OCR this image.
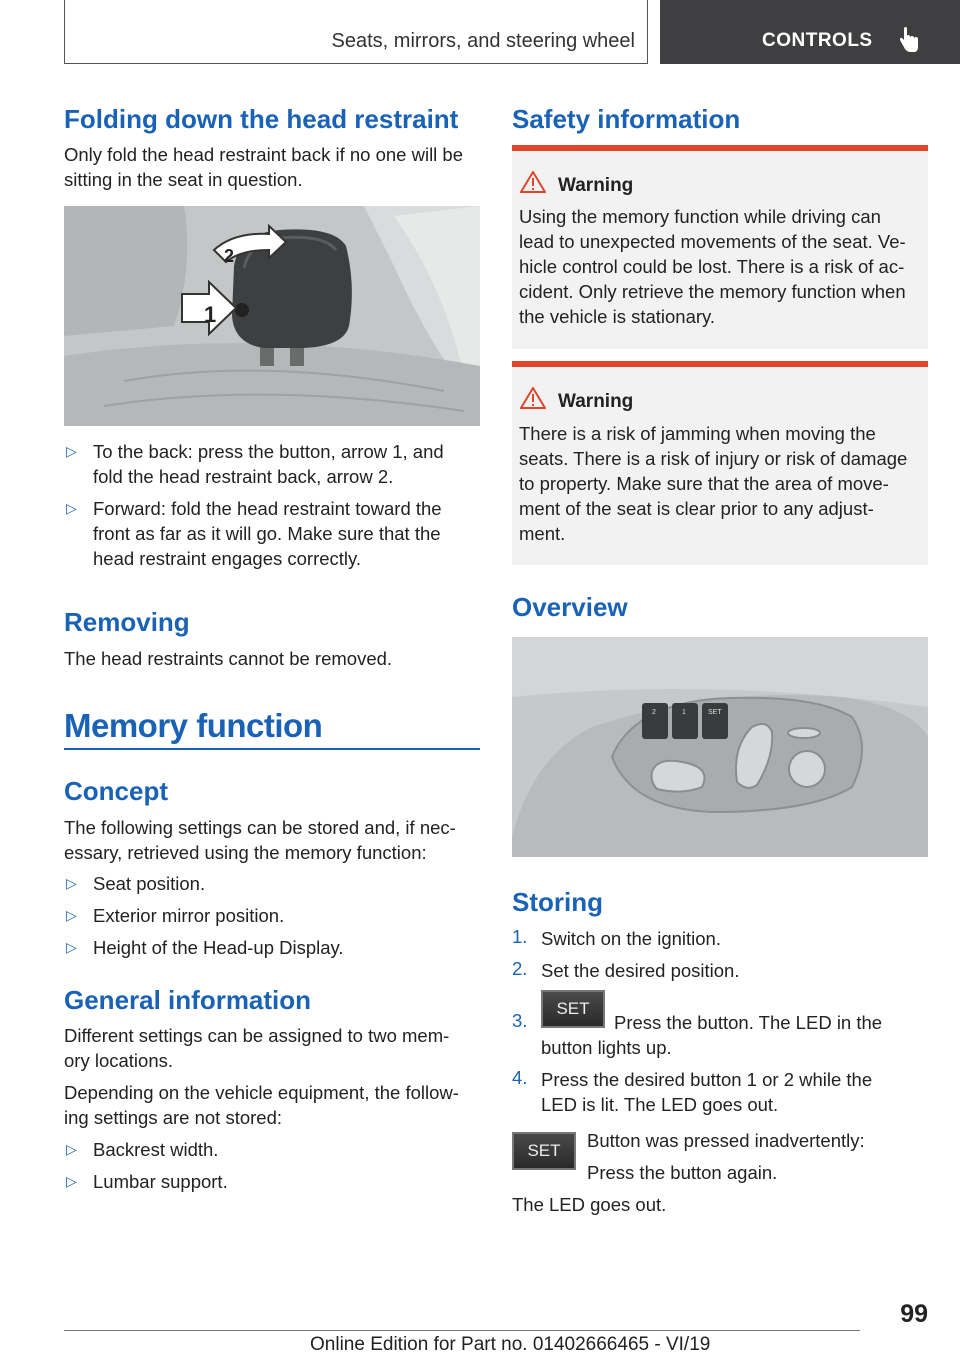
Seats, mirrors, and steering wheel	CONTROLS
Folding down the head restraint

Only fold the head restraint back if no one will be

sitting in the seat in question.

1
2
▷ To the back: press the button, arrow 1, and

fold the head restraint back, arrow 2.

▷ Forward: fold the head restraint toward the

front as far as it will go. Make sure that the

head restraint engages correctly.

Removing

The head restraints cannot be removed.

Memory function
Concept

The following settings can be stored and, if nec-

essary, retrieved using the memory function:

▷ Seat position.

▷ Exterior mirror position.

▷ Height of the Head-up Display.

General information

Different settings can be assigned to two mem-

ory locations.

Depending on the vehicle equipment, the follow-

ing settings are not stored:

▷ Backrest width.

▷ Lumbar support.

Safety information
Warning

Using the memory function while driving can

lead to unexpected movements of the seat. Ve-

hicle control could be lost. There is a risk of ac-

cident. Only retrieve the memory function when

the vehicle is stationary.

Warning

There is a risk of jamming when moving the

seats. There is a risk of injury or risk of damage

to property. Make sure that the area of move-

ment of the seat is clear prior to any adjust-

ment.

Overview
2	1	SET
Storing
1. Switch on the ignition.

2. Set the desired position.

3.
SET

Press the button. The LED in the

button lights up.

4. Press the desired button 1 or 2 while the

LED is lit. The LED goes out.

SET	Button was pressed inadvertently:

Press the button again.

The LED goes out.

99
Online Edition for Part no. 01402666465 - VI/19
